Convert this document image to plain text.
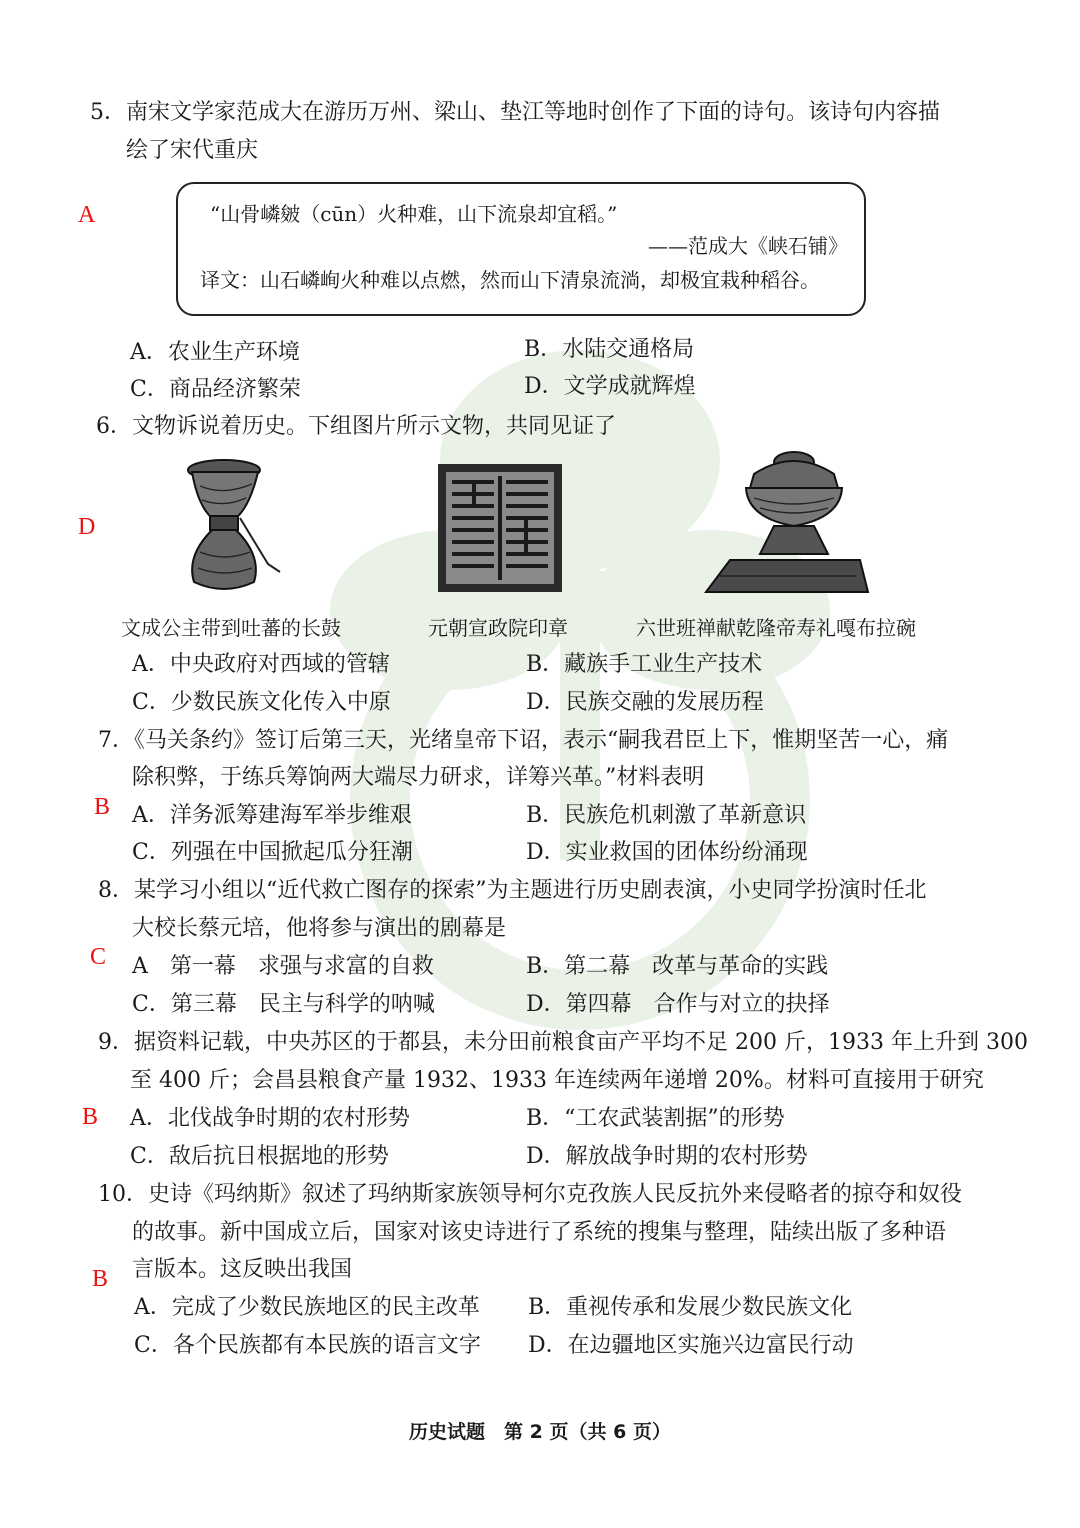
5．南宋文学家范成大在游历万州、梁山、垫江等地时创作了下面的诗句。该诗句内容描
绘了宋代重庆
A	“山骨嶙皴（cūn）火种难，山下流泉却宜稻。”
——范成大《峡石铺》
译文：山石嶙峋火种难以点燃，然而山下清泉流淌，却极宜栽种稻谷。
A．农业生产环境	B．水陆交通格局
C．商品经济繁荣	D．文学成就辉煌
6．文物诉说着历史。下组图片所示文物，共同见证了
D
文成公主带到吐蕃的长鼓	元朝宣政院印章	六世班禅献乾隆帝寿礼嘎布拉碗
A．中央政府对西域的管辖	B．藏族手工业生产技术
C．少数民族文化传入中原	D．民族交融的发展历程
7．《马关条约》签订后第三天，光绪皇帝下诏，表示“嗣我君臣上下，惟期坚苦一心，痛
除积弊，于练兵筹饷两大端尽力研求，详筹兴革。”材料表明
B A．洋务派筹建海军举步维艰	B．民族危机刺激了革新意识
C．列强在中国掀起瓜分狂潮	D．实业救国的团体纷纷涌现
8．某学习小组以“近代救亡图存的探索”为主题进行历史剧表演，小史同学扮演时任北
大校长蔡元培，他将参与演出的剧幕是
C A　第一幕　求强与求富的自救	B．第二幕　改革与革命的实践
C．第三幕　民主与科学的呐喊	D．第四幕　合作与对立的抉择
9．据资料记载，中央苏区的于都县，未分田前粮食亩产平均不足 200 斤，1933 年上升到 300
至 400 斤；会昌县粮食产量 1932、1933 年连续两年递增 20%。材料可直接用于研究
B A．北伐战争时期的农村形势	B．“工农武装割据”的形势
C．敌后抗日根据地的形势	D．解放战争时期的农村形势
10．史诗《玛纳斯》叙述了玛纳斯家族领导柯尔克孜族人民反抗外来侵略者的掠夺和奴役
的故事。新中国成立后，国家对该史诗进行了系统的搜集与整理，陆续出版了多种语
言版本。这反映出我国
B
A．完成了少数民族地区的民主改革 B．重视传承和发展少数民族文化
C．各个民族都有本民族的语言文字 D．在边疆地区实施兴边富民行动
历史试题　第 2 页（共 6 页）
